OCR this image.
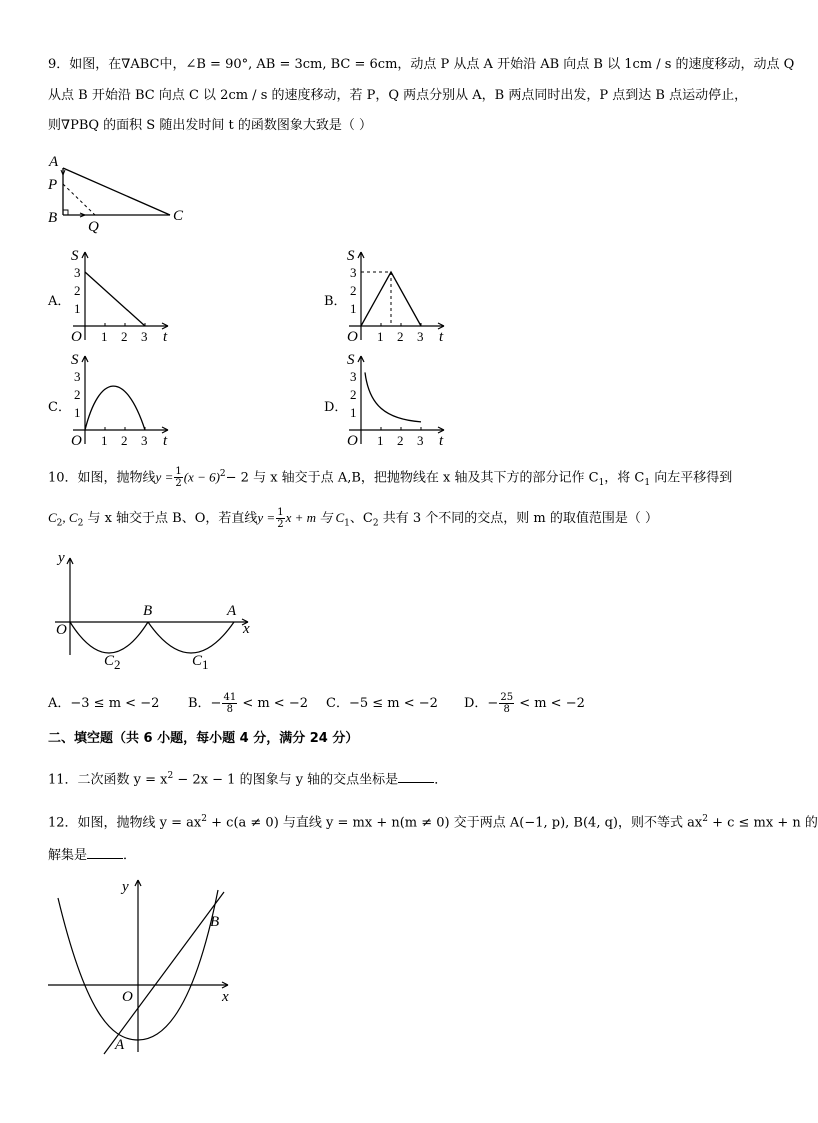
9．如图，在∇ABC中，∠B = 90°, AB = 3cm, BC = 6cm，动点 P 从点 A 开始沿 AB 向点 B 以 1cm / s 的速度移动，动点 Q
从点 B 开始沿 BC 向点 C 以 2cm / s 的速度移动，若 P，Q 两点分别从 A，B 两点同时出发，P 点到达 B 点运动停止，
则∇PBQ 的面积 S 随出发时间 t 的函数图象大致是（ ）
A
P
B
Q
C
A．	B．
C．	D．
S
O	t
3
2
1
1 2 3
S
O	t
3
2
1
1 2 3
S
O	t
3
2
1
1 2 3
S
O	t
3
2
1
1 2 3
10．如图，抛物线$y = \frac{1}{2} (x - 6)^2- 2$ 与 x 轴交于点 A,B，把抛物线在 x 轴及其下方的部分记作 $C_1$，将 $C_1$ 向左平移得到
$C_2$, $C_2$ 与 x 轴交于点 B、O，若直线$y = \frac{1}{2}$ x + m 与 $C_1$、$C_2$ 共有 3 个不同的交点，则 m 的取值范围是（ ）
y
x
O
B	A
C 2	C 1
A．−3 ≤ m < −2 B．− $\frac{41}{8} < m < -2$ C．−5 ≤ m < −2 D．− $\frac{25}{8} < m < -2$
二、填空题（共 6 小题，每小题 4 分，满分 24 分）
11．二次函数 $y = x^2 - 2x - 1$ 的图象与 y 轴的交点坐标是	．
12．如图，抛物线 $y = ax^2 + c(a \ne 0)$ 与直线 y = mx + n(m ≠ 0) 交于两点 A(−1, p), B(4, q)，则不等式 $ax^2 + c$ ≤ mx + n 的
解集是	．
y
x
O
A
B
